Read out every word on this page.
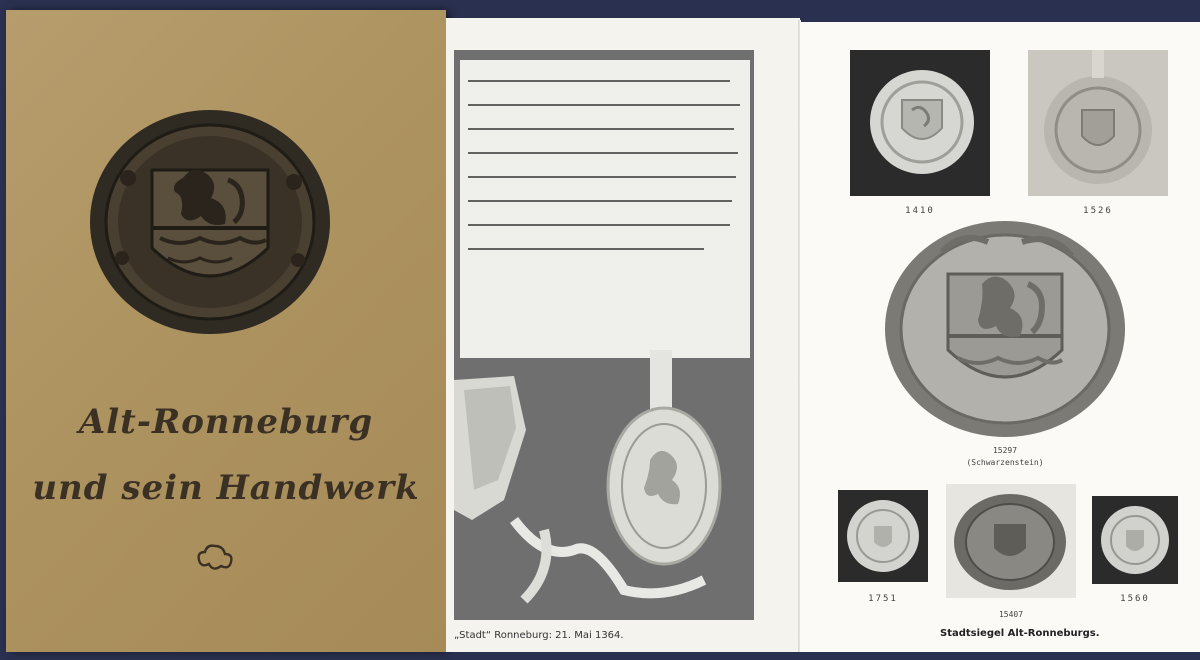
Alt-Ronneburg
und sein Handwerk
„Stadt“ Ronneburg: 21. Mai 1364.
1410	1526
15297
(Schwarzenstein)
1751
15407
1560
Stadtsiegel Alt-Ronneburgs.
